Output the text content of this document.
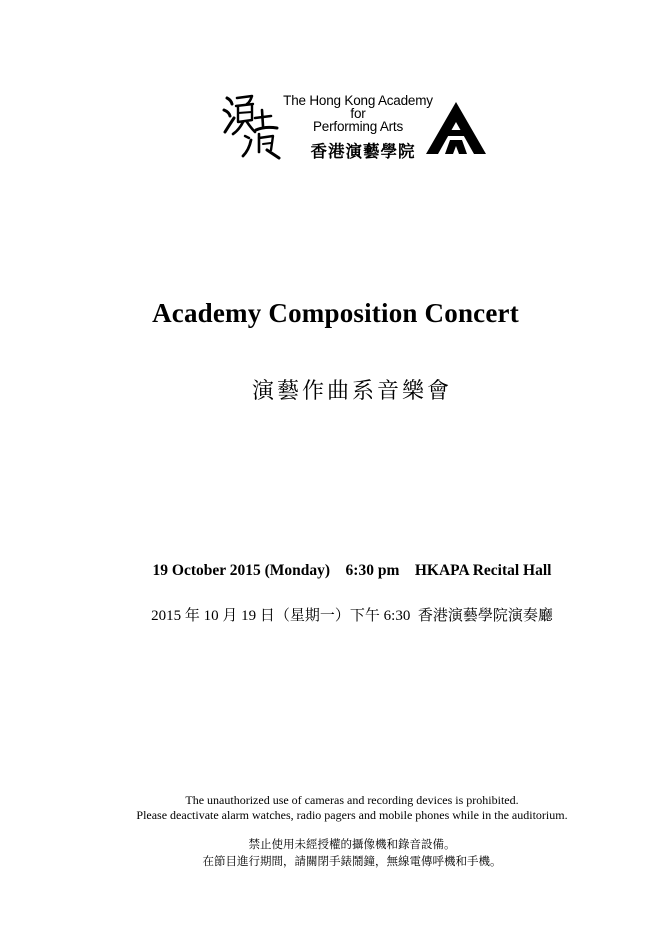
The Hong Kong Academy
for
Performing Arts
香港演藝學院
Academy Composition Concert
演藝作曲系音樂會
19 October 2015 (Monday)    6:30 pm    HKAPA Recital Hall
2015 年 10 月 19 日（星期一）下午 6:30  香港演藝學院演奏廳
The unauthorized use of cameras and recording devices is prohibited.
Please deactivate alarm watches, radio pagers and mobile phones while in the auditorium.
禁止使用未經授權的攝像機和錄音設備。
在節目進行期間，請關閉手錶鬧鐘，無線電傳呼機和手機。
